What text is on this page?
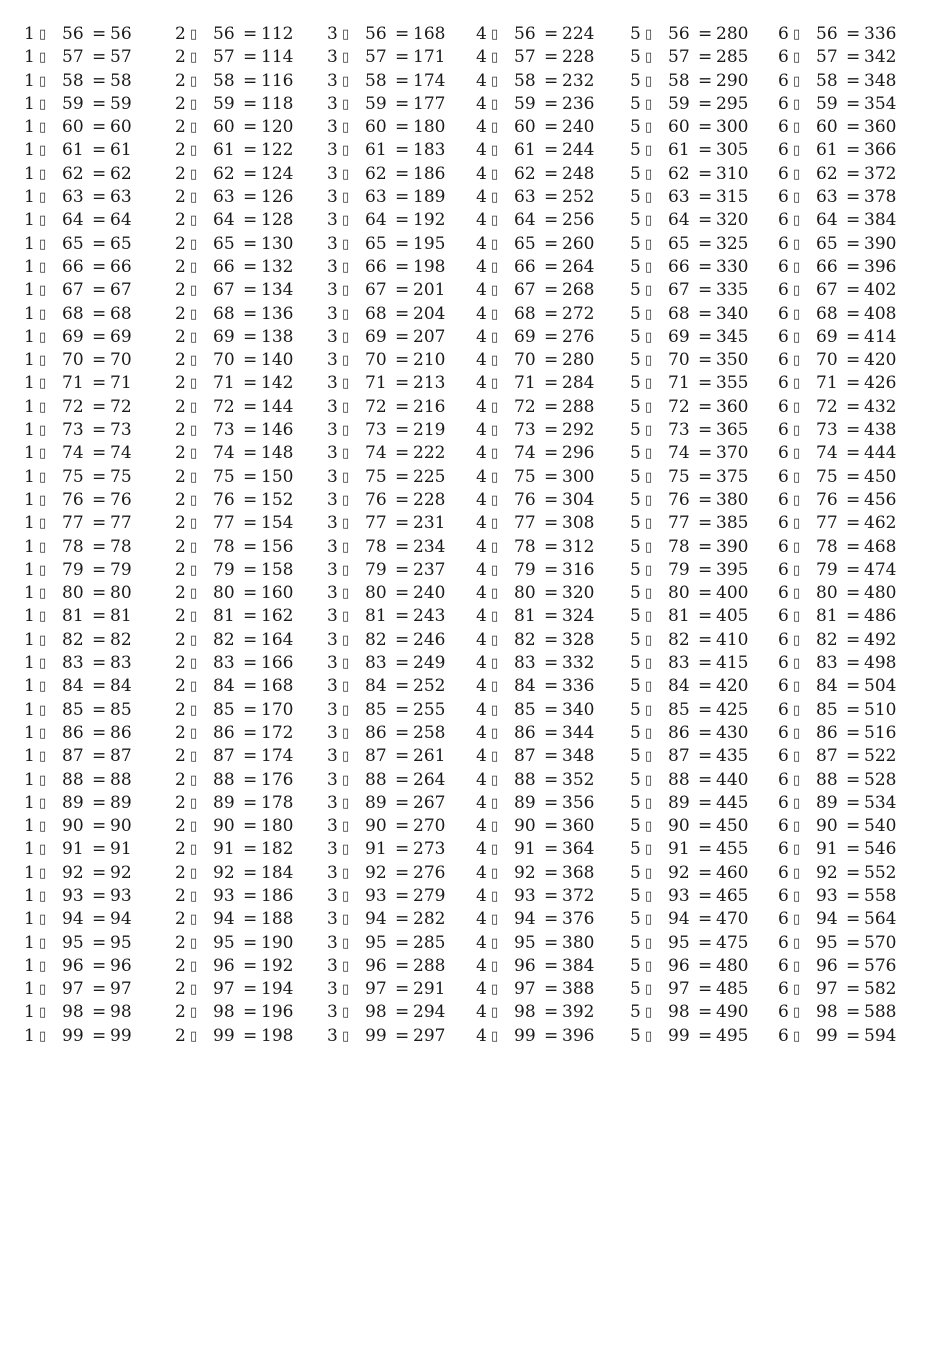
1 ▯ 56 = 56
1 ▯ 57 = 57
1 ▯ 58 = 58
1 ▯ 59 = 59
1 ▯ 60 = 60
1 ▯ 61 = 61
1 ▯ 62 = 62
1 ▯ 63 = 63
1 ▯ 64 = 64
1 ▯ 65 = 65
1 ▯ 66 = 66
1 ▯ 67 = 67
1 ▯ 68 = 68
1 ▯ 69 = 69
1 ▯ 70 = 70
1 ▯ 71 = 71
1 ▯ 72 = 72
1 ▯ 73 = 73
1 ▯ 74 = 74
1 ▯ 75 = 75
1 ▯ 76 = 76
1 ▯ 77 = 77
1 ▯ 78 = 78
1 ▯ 79 = 79
1 ▯ 80 = 80
1 ▯ 81 = 81
1 ▯ 82 = 82
1 ▯ 83 = 83
1 ▯ 84 = 84
1 ▯ 85 = 85
1 ▯ 86 = 86
1 ▯ 87 = 87
1 ▯ 88 = 88
1 ▯ 89 = 89
1 ▯ 90 = 90
1 ▯ 91 = 91
1 ▯ 92 = 92
1 ▯ 93 = 93
1 ▯ 94 = 94
1 ▯ 95 = 95
1 ▯ 96 = 96
1 ▯ 97 = 97
1 ▯ 98 = 98
1 ▯ 99 = 99
2 ▯ 56 = 112
2 ▯ 57 = 114
2 ▯ 58 = 116
2 ▯ 59 = 118
2 ▯ 60 = 120
2 ▯ 61 = 122
2 ▯ 62 = 124
2 ▯ 63 = 126
2 ▯ 64 = 128
2 ▯ 65 = 130
2 ▯ 66 = 132
2 ▯ 67 = 134
2 ▯ 68 = 136
2 ▯ 69 = 138
2 ▯ 70 = 140
2 ▯ 71 = 142
2 ▯ 72 = 144
2 ▯ 73 = 146
2 ▯ 74 = 148
2 ▯ 75 = 150
2 ▯ 76 = 152
2 ▯ 77 = 154
2 ▯ 78 = 156
2 ▯ 79 = 158
2 ▯ 80 = 160
2 ▯ 81 = 162
2 ▯ 82 = 164
2 ▯ 83 = 166
2 ▯ 84 = 168
2 ▯ 85 = 170
2 ▯ 86 = 172
2 ▯ 87 = 174
2 ▯ 88 = 176
2 ▯ 89 = 178
2 ▯ 90 = 180
2 ▯ 91 = 182
2 ▯ 92 = 184
2 ▯ 93 = 186
2 ▯ 94 = 188
2 ▯ 95 = 190
2 ▯ 96 = 192
2 ▯ 97 = 194
2 ▯ 98 = 196
2 ▯ 99 = 198
3 ▯ 56 = 168
3 ▯ 57 = 171
3 ▯ 58 = 174
3 ▯ 59 = 177
3 ▯ 60 = 180
3 ▯ 61 = 183
3 ▯ 62 = 186
3 ▯ 63 = 189
3 ▯ 64 = 192
3 ▯ 65 = 195
3 ▯ 66 = 198
3 ▯ 67 = 201
3 ▯ 68 = 204
3 ▯ 69 = 207
3 ▯ 70 = 210
3 ▯ 71 = 213
3 ▯ 72 = 216
3 ▯ 73 = 219
3 ▯ 74 = 222
3 ▯ 75 = 225
3 ▯ 76 = 228
3 ▯ 77 = 231
3 ▯ 78 = 234
3 ▯ 79 = 237
3 ▯ 80 = 240
3 ▯ 81 = 243
3 ▯ 82 = 246
3 ▯ 83 = 249
3 ▯ 84 = 252
3 ▯ 85 = 255
3 ▯ 86 = 258
3 ▯ 87 = 261
3 ▯ 88 = 264
3 ▯ 89 = 267
3 ▯ 90 = 270
3 ▯ 91 = 273
3 ▯ 92 = 276
3 ▯ 93 = 279
3 ▯ 94 = 282
3 ▯ 95 = 285
3 ▯ 96 = 288
3 ▯ 97 = 291
3 ▯ 98 = 294
3 ▯ 99 = 297
4 ▯ 56 = 224
4 ▯ 57 = 228
4 ▯ 58 = 232
4 ▯ 59 = 236
4 ▯ 60 = 240
4 ▯ 61 = 244
4 ▯ 62 = 248
4 ▯ 63 = 252
4 ▯ 64 = 256
4 ▯ 65 = 260
4 ▯ 66 = 264
4 ▯ 67 = 268
4 ▯ 68 = 272
4 ▯ 69 = 276
4 ▯ 70 = 280
4 ▯ 71 = 284
4 ▯ 72 = 288
4 ▯ 73 = 292
4 ▯ 74 = 296
4 ▯ 75 = 300
4 ▯ 76 = 304
4 ▯ 77 = 308
4 ▯ 78 = 312
4 ▯ 79 = 316
4 ▯ 80 = 320
4 ▯ 81 = 324
4 ▯ 82 = 328
4 ▯ 83 = 332
4 ▯ 84 = 336
4 ▯ 85 = 340
4 ▯ 86 = 344
4 ▯ 87 = 348
4 ▯ 88 = 352
4 ▯ 89 = 356
4 ▯ 90 = 360
4 ▯ 91 = 364
4 ▯ 92 = 368
4 ▯ 93 = 372
4 ▯ 94 = 376
4 ▯ 95 = 380
4 ▯ 96 = 384
4 ▯ 97 = 388
4 ▯ 98 = 392
4 ▯ 99 = 396
5 ▯ 56 = 280
5 ▯ 57 = 285
5 ▯ 58 = 290
5 ▯ 59 = 295
5 ▯ 60 = 300
5 ▯ 61 = 305
5 ▯ 62 = 310
5 ▯ 63 = 315
5 ▯ 64 = 320
5 ▯ 65 = 325
5 ▯ 66 = 330
5 ▯ 67 = 335
5 ▯ 68 = 340
5 ▯ 69 = 345
5 ▯ 70 = 350
5 ▯ 71 = 355
5 ▯ 72 = 360
5 ▯ 73 = 365
5 ▯ 74 = 370
5 ▯ 75 = 375
5 ▯ 76 = 380
5 ▯ 77 = 385
5 ▯ 78 = 390
5 ▯ 79 = 395
5 ▯ 80 = 400
5 ▯ 81 = 405
5 ▯ 82 = 410
5 ▯ 83 = 415
5 ▯ 84 = 420
5 ▯ 85 = 425
5 ▯ 86 = 430
5 ▯ 87 = 435
5 ▯ 88 = 440
5 ▯ 89 = 445
5 ▯ 90 = 450
5 ▯ 91 = 455
5 ▯ 92 = 460
5 ▯ 93 = 465
5 ▯ 94 = 470
5 ▯ 95 = 475
5 ▯ 96 = 480
5 ▯ 97 = 485
5 ▯ 98 = 490
5 ▯ 99 = 495
6 ▯ 56 = 336
6 ▯ 57 = 342
6 ▯ 58 = 348
6 ▯ 59 = 354
6 ▯ 60 = 360
6 ▯ 61 = 366
6 ▯ 62 = 372
6 ▯ 63 = 378
6 ▯ 64 = 384
6 ▯ 65 = 390
6 ▯ 66 = 396
6 ▯ 67 = 402
6 ▯ 68 = 408
6 ▯ 69 = 414
6 ▯ 70 = 420
6 ▯ 71 = 426
6 ▯ 72 = 432
6 ▯ 73 = 438
6 ▯ 74 = 444
6 ▯ 75 = 450
6 ▯ 76 = 456
6 ▯ 77 = 462
6 ▯ 78 = 468
6 ▯ 79 = 474
6 ▯ 80 = 480
6 ▯ 81 = 486
6 ▯ 82 = 492
6 ▯ 83 = 498
6 ▯ 84 = 504
6 ▯ 85 = 510
6 ▯ 86 = 516
6 ▯ 87 = 522
6 ▯ 88 = 528
6 ▯ 89 = 534
6 ▯ 90 = 540
6 ▯ 91 = 546
6 ▯ 92 = 552
6 ▯ 93 = 558
6 ▯ 94 = 564
6 ▯ 95 = 570
6 ▯ 96 = 576
6 ▯ 97 = 582
6 ▯ 98 = 588
6 ▯ 99 = 594
